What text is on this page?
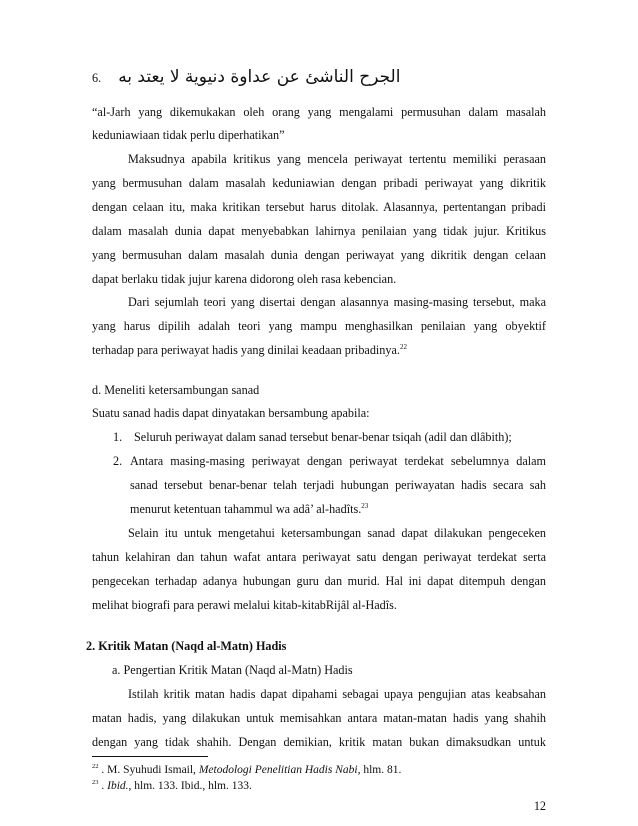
6. الجرح الناشئ عن عداوة دنيوية لا يعتد به
“al-Jarh yang dikemukakan oleh orang yang mengalami permusuhan dalam masalah
keduniawiaan tidak perlu diperhatikan”
Maksudnya apabila kritikus yang mencela periwayat tertentu memiliki perasaan
yang bermusuhan dalam masalah keduniawian dengan pribadi periwayat yang dikritik
dengan celaan itu, maka kritikan tersebut harus ditolak. Alasannya, pertentangan pribadi
dalam masalah dunia dapat menyebabkan lahirnya penilaian yang tidak jujur. Kritikus
yang bermusuhan dalam masalah dunia dengan periwayat yang dikritik dengan celaan
dapat berlaku tidak jujur karena didorong oleh rasa kebencian.
Dari sejumlah teori yang disertai dengan alasannya masing-masing tersebut, maka
yang harus dipilih adalah teori yang mampu menghasilkan penilaian yang obyektif
terhadap para periwayat hadis yang dinilai keadaan pribadinya.$^{22}$
d. Meneliti ketersambungan sanad
Suatu sanad hadis dapat dinyatakan bersambung apabila:
1. Seluruh periwayat dalam sanad tersebut benar-benar tsiqah (adil dan dlâbith);
2. Antara masing-masing periwayat dengan periwayat terdekat sebelumnya dalam
sanad tersebut benar-benar telah terjadi hubungan periwayatan hadis secara sah
menurut ketentuan tahammul wa adâ’ al-hadîts.$^{23}$
Selain itu untuk mengetahui ketersambungan sanad dapat dilakukan pengeceken
tahun kelahiran dan tahun wafat antara periwayat satu dengan periwayat terdekat serta
pengecekan terhadap adanya hubungan guru dan murid. Hal ini dapat ditempuh dengan
melihat biografi para perawi melalui kitab-kitabRijâl al-Hadîs.
2. Kritik Matan (Naqd al-Matn) Hadis
a. Pengertian Kritik Matan (Naqd al-Matn) Hadis
Istilah kritik matan hadis dapat dipahami sebagai upaya pengujian atas keabsahan
matan hadis, yang dilakukan untuk memisahkan antara matan-matan hadis yang shahih
dengan yang tidak shahih. Dengan demikian, kritik matan bukan dimaksudkan untuk
$^{22}$ . M. Syuhudi Ismail, Metodologi Penelitian Hadis Nabi, hlm. 81.
$^{23}$ . Ibid., hlm. 133. Ibid., hlm. 133.
12
